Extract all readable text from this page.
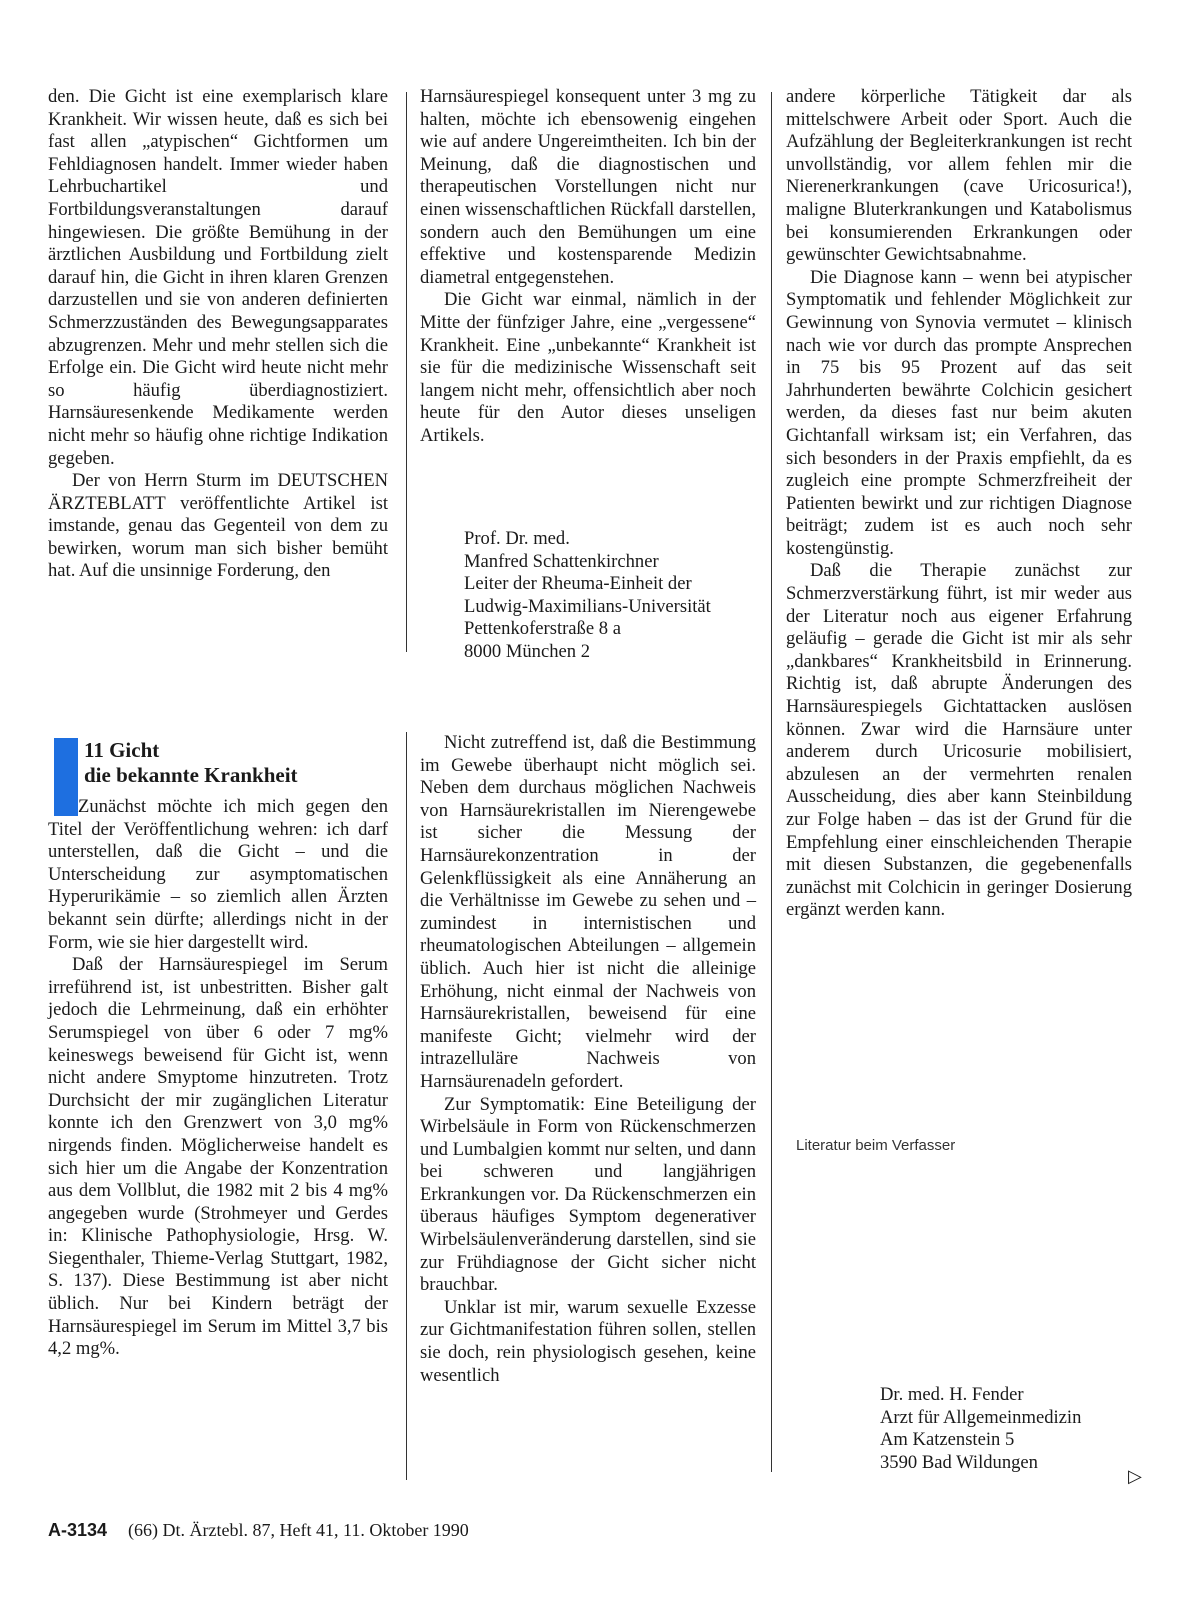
den. Die Gicht ist eine exemplarisch klare Krankheit. Wir wissen heute, daß es sich bei fast allen „atypischen“ Gichtformen um Fehldiagnosen handelt. Immer wieder haben Lehrbuchartikel und Fortbildungsveranstaltungen darauf hingewiesen. Die größte Bemühung in der ärztlichen Ausbildung und Fortbildung zielt darauf hin, die Gicht in ihren klaren Grenzen darzustellen und sie von anderen definierten Schmerzzuständen des Bewegungsapparates abzugrenzen. Mehr und mehr stellen sich die Erfolge ein. Die Gicht wird heute nicht mehr so häufig überdiagnostiziert. Harnsäuresenkende Medikamente werden nicht mehr so häufig ohne richtige Indikation gegeben.

Der von Herrn Sturm im DEUTSCHEN ÄRZTEBLATT veröffentlichte Artikel ist imstande, genau das Gegenteil von dem zu bewirken, worum man sich bisher bemüht hat. Auf die unsinnige Forderung, den

Harnsäurespiegel konsequent unter 3 mg zu halten, möchte ich ebensowenig eingehen wie auf andere Ungereimtheiten. Ich bin der Meinung, daß die diagnostischen und therapeutischen Vorstellungen nicht nur einen wissenschaftlichen Rückfall darstellen, sondern auch den Bemühungen um eine effektive und kostensparende Medizin diametral entgegenstehen.

Die Gicht war einmal, nämlich in der Mitte der fünfziger Jahre, eine „vergessene“ Krankheit. Eine „unbekannte“ Krankheit ist sie für die medizinische Wissenschaft seit langem nicht mehr, offensichtlich aber noch heute für den Autor dieses unseligen Artikels.

Prof. Dr. med.
Manfred Schattenkirchner
Leiter der Rheuma-Einheit der
Ludwig-Maximilians-Universität
Pettenkoferstraße 8 a
8000 München 2

andere körperliche Tätigkeit dar als mittelschwere Arbeit oder Sport. Auch die Aufzählung der Begleiterkrankungen ist recht unvollständig, vor allem fehlen mir die Nierenerkrankungen (cave Uricosurica!), maligne Bluterkrankungen und Katabolismus bei konsumierenden Erkrankungen oder gewünschter Gewichtsabnahme.

Die Diagnose kann – wenn bei atypischer Symptomatik und fehlender Möglichkeit zur Gewinnung von Synovia vermutet – klinisch nach wie vor durch das prompte Ansprechen in 75 bis 95 Prozent auf das seit Jahrhunderten bewährte Colchicin gesichert werden, da dieses fast nur beim akuten Gichtanfall wirksam ist; ein Verfahren, das sich besonders in der Praxis empfiehlt, da es zugleich eine prompte Schmerzfreiheit der Patienten bewirkt und zur richtigen Diagnose beiträgt; zudem ist es auch noch sehr kostengünstig.

Daß die Therapie zunächst zur Schmerzverstärkung führt, ist mir weder aus der Literatur noch aus eigener Erfahrung geläufig – gerade die Gicht ist mir als sehr „dankbares“ Krankheitsbild in Erinnerung. Richtig ist, daß abrupte Änderungen des Harnsäurespiegels Gichtattacken auslösen können. Zwar wird die Harnsäure unter anderem durch Uricosurie mobilisiert, abzulesen an der vermehrten renalen Ausscheidung, dies aber kann Steinbildung zur Folge haben – das ist der Grund für die Empfehlung einer einschleichenden Therapie mit diesen Substanzen, die gegebenenfalls zunächst mit Colchicin in geringer Dosierung ergänzt werden kann.

Literatur beim Verfasser
11 Gicht
die bekannte Krankheit

Zunächst möchte ich mich gegen den Titel der Veröffentlichung wehren: ich darf unterstellen, daß die Gicht – und die Unterscheidung zur asymptomatischen Hyperurikämie – so ziemlich allen Ärzten bekannt sein dürfte; allerdings nicht in der Form, wie sie hier dargestellt wird.

Daß der Harnsäurespiegel im Serum irreführend ist, ist unbestritten. Bisher galt jedoch die Lehrmeinung, daß ein erhöhter Serumspiegel von über 6 oder 7 mg% keineswegs beweisend für Gicht ist, wenn nicht andere Smyptome hinzutreten. Trotz Durchsicht der mir zugänglichen Literatur konnte ich den Grenzwert von 3,0 mg% nirgends finden. Möglicherweise handelt es sich hier um die Angabe der Konzentration aus dem Vollblut, die 1982 mit 2 bis 4 mg% angegeben wurde (Strohmeyer und Gerdes in: Klinische Pathophysiologie, Hrsg. W. Siegenthaler, Thieme-Verlag Stuttgart, 1982, S. 137). Diese Bestimmung ist aber nicht üblich. Nur bei Kindern beträgt der Harnsäurespiegel im Serum im Mittel 3,7 bis 4,2 mg%.

Nicht zutreffend ist, daß die Bestimmung im Gewebe überhaupt nicht möglich sei. Neben dem durchaus möglichen Nachweis von Harnsäurekristallen im Nierengewebe ist sicher die Messung der Harnsäurekonzentration in der Gelenkflüssigkeit als eine Annäherung an die Verhältnisse im Gewebe zu sehen und – zumindest in internistischen und rheumatologischen Abteilungen – allgemein üblich. Auch hier ist nicht die alleinige Erhöhung, nicht einmal der Nachweis von Harnsäurekristallen, beweisend für eine manifeste Gicht; vielmehr wird der intrazelluläre Nachweis von Harnsäurenadeln gefordert.

Zur Symptomatik: Eine Beteiligung der Wirbelsäule in Form von Rückenschmerzen und Lumbalgien kommt nur selten, und dann bei schweren und langjährigen Erkrankungen vor. Da Rückenschmerzen ein überaus häufiges Symptom degenerativer Wirbelsäulenveränderung darstellen, sind sie zur Frühdiagnose der Gicht sicher nicht brauchbar.

Unklar ist mir, warum sexuelle Exzesse zur Gichtmanifestation führen sollen, stellen sie doch, rein physiologisch gesehen, keine wesentlich

Dr. med. H. Fender
Arzt für Allgemeinmedizin
Am Katzenstein 5
3590 Bad Wildungen
▷
A-3134 (66) Dt. Ärztebl. 87, Heft 41, 11. Oktober 1990
